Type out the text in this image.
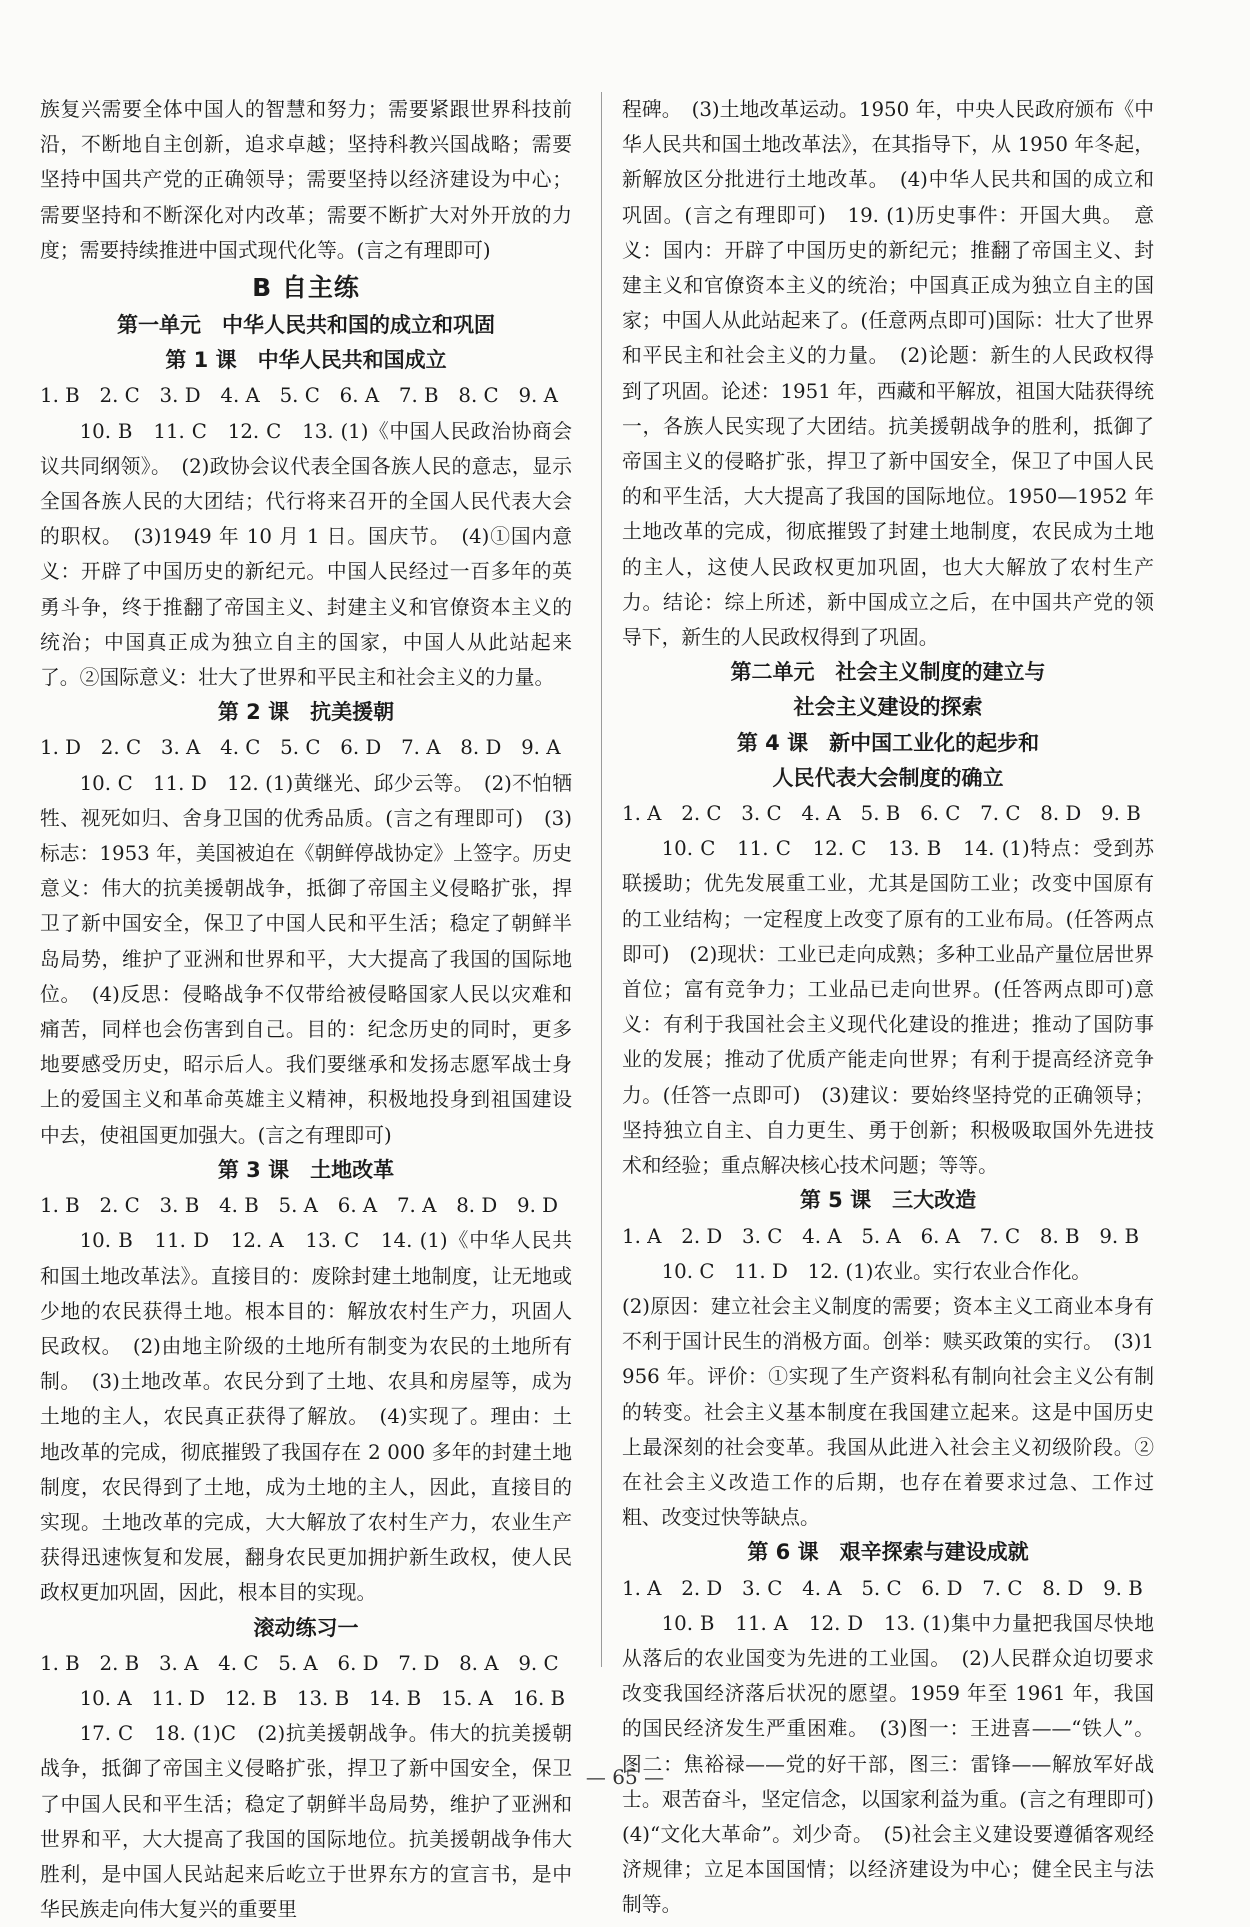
族复兴需要全体中国人的智慧和努力；需要紧跟世界科技前沿，不断地自主创新，追求卓越；坚持科教兴国战略；需要坚持中国共产党的正确领导；需要坚持以经济建设为中心；需要坚持和不断深化对内改革；需要不断扩大对外开放的力度；需要持续推进中国式现代化等。(言之有理即可)

B 自主练

第一单元　中华人民共和国的成立和巩固

第 1 课　中华人民共和国成立

1. B　2. C　3. D　4. A　5. C　6. A　7. B　8. C　9. A

10. B　11. C　12. C　13. (1)《中国人民政治协商会议共同纲领》。　(2)政协会议代表全国各族人民的意志，显示全国各族人民的大团结；代行将来召开的全国人民代表大会的职权。　(3)1949 年 10 月 1 日。国庆节。　(4)①国内意义：开辟了中国历史的新纪元。中国人民经过一百多年的英勇斗争，终于推翻了帝国主义、封建主义和官僚资本主义的统治；中国真正成为独立自主的国家，中国人从此站起来了。②国际意义：壮大了世界和平民主和社会主义的力量。

第 2 课　抗美援朝

1. D　2. C　3. A　4. C　5. C　6. D　7. A　8. D　9. A

10. C　11. D　12. (1)黄继光、邱少云等。　(2)不怕牺牲、视死如归、舍身卫国的优秀品质。(言之有理即可)　(3)标志：1953 年，美国被迫在《朝鲜停战协定》上签字。历史意义：伟大的抗美援朝战争，抵御了帝国主义侵略扩张，捍卫了新中国安全，保卫了中国人民和平生活；稳定了朝鲜半岛局势，维护了亚洲和世界和平，大大提高了我国的国际地位。　(4)反思：侵略战争不仅带给被侵略国家人民以灾难和痛苦，同样也会伤害到自己。目的：纪念历史的同时，更多地要感受历史，昭示后人。我们要继承和发扬志愿军战士身上的爱国主义和革命英雄主义精神，积极地投身到祖国建设中去，使祖国更加强大。(言之有理即可)

第 3 课　土地改革

1. B　2. C　3. B　4. B　5. A　6. A　7. A　8. D　9. D

10. B　11. D　12. A　13. C　14. (1)《中华人民共和国土地改革法》。直接目的：废除封建土地制度，让无地或少地的农民获得土地。根本目的：解放农村生产力，巩固人民政权。　(2)由地主阶级的土地所有制变为农民的土地所有制。　(3)土地改革。农民分到了土地、农具和房屋等，成为土地的主人，农民真正获得了解放。　(4)实现了。理由：土地改革的完成，彻底摧毁了我国存在 2 000 多年的封建土地制度，农民得到了土地，成为土地的主人，因此，直接目的实现。土地改革的完成，大大解放了农村生产力，农业生产获得迅速恢复和发展，翻身农民更加拥护新生政权，使人民政权更加巩固，因此，根本目的实现。

滚动练习一

1. B　2. B　3. A　4. C　5. A　6. D　7. D　8. A　9. C

10. A　11. D　12. B　13. B　14. B　15. A　16. B

17. C　18. (1)C　(2)抗美援朝战争。伟大的抗美援朝战争，抵御了帝国主义侵略扩张，捍卫了新中国安全，保卫了中国人民和平生活；稳定了朝鲜半岛局势，维护了亚洲和世界和平，大大提高了我国的国际地位。抗美援朝战争伟大胜利，是中国人民站起来后屹立于世界东方的宣言书，是中华民族走向伟大复兴的重要里

程碑。　(3)土地改革运动。1950 年，中央人民政府颁布《中华人民共和国土地改革法》，在其指导下，从 1950 年冬起，新解放区分批进行土地改革。　(4)中华人民共和国的成立和巩固。(言之有理即可)　19. (1)历史事件：开国大典。　意义：国内：开辟了中国历史的新纪元；推翻了帝国主义、封建主义和官僚资本主义的统治；中国真正成为独立自主的国家；中国人从此站起来了。(任意两点即可)国际：壮大了世界和平民主和社会主义的力量。　(2)论题：新生的人民政权得到了巩固。论述：1951 年，西藏和平解放，祖国大陆获得统一，各族人民实现了大团结。抗美援朝战争的胜利，抵御了帝国主义的侵略扩张，捍卫了新中国安全，保卫了中国人民的和平生活，大大提高了我国的国际地位。1950—1952 年土地改革的完成，彻底摧毁了封建土地制度，农民成为土地的主人，这使人民政权更加巩固，也大大解放了农村生产力。结论：综上所述，新中国成立之后，在中国共产党的领导下，新生的人民政权得到了巩固。

第二单元　社会主义制度的建立与

社会主义建设的探索

第 4 课　新中国工业化的起步和

人民代表大会制度的确立

1. A　2. C　3. C　4. A　5. B　6. C　7. C　8. D　9. B

10. C　11. C　12. C　13. B　14. (1)特点：受到苏联援助；优先发展重工业，尤其是国防工业；改变中国原有的工业结构；一定程度上改变了原有的工业布局。(任答两点即可)　(2)现状：工业已走向成熟；多种工业品产量位居世界首位；富有竞争力；工业品已走向世界。(任答两点即可)意义：有利于我国社会主义现代化建设的推进；推动了国防事业的发展；推动了优质产能走向世界；有利于提高经济竞争力。(任答一点即可)　(3)建议：要始终坚持党的正确领导；坚持独立自主、自力更生、勇于创新；积极吸取国外先进技术和经验；重点解决核心技术问题；等等。

第 5 课　三大改造

1. A　2. D　3. C　4. A　5. A　6. A　7. C　8. B　9. B

10. C　11. D　12. (1)农业。实行农业合作化。

(2)原因：建立社会主义制度的需要；资本主义工商业本身有不利于国计民生的消极方面。创举：赎买政策的实行。　(3)1956 年。评价：①实现了生产资料私有制向社会主义公有制的转变。社会主义基本制度在我国建立起来。这是中国历史上最深刻的社会变革。我国从此进入社会主义初级阶段。②在社会主义改造工作的后期，也存在着要求过急、工作过粗、改变过快等缺点。

第 6 课　艰辛探索与建设成就

1. A　2. D　3. C　4. A　5. C　6. D　7. C　8. D　9. B

10. B　11. A　12. D　13. (1)集中力量把我国尽快地从落后的农业国变为先进的工业国。　(2)人民群众迫切要求改变我国经济落后状况的愿望。1959 年至 1961 年，我国的国民经济发生严重困难。　(3)图一：王进喜——“铁人”。图二：焦裕禄——党的好干部，图三：雷锋——解放军好战士。艰苦奋斗，坚定信念，以国家利益为重。(言之有理即可)　(4)“文化大革命”。刘少奇。　(5)社会主义建设要遵循客观经济规律；立足本国国情；以经济建设为中心；健全民主与法制等。

— 65 —
